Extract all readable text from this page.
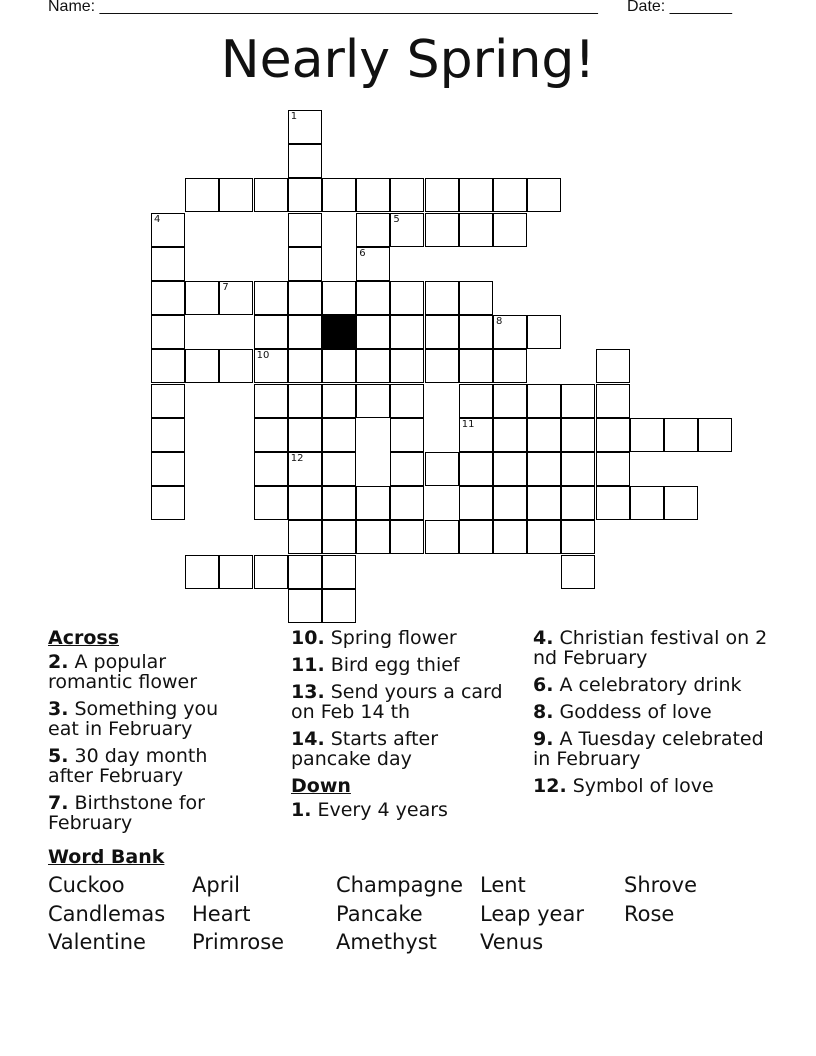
Name: ________________________________________________________ Date: _______
Nearly Spring!
12
6
10
4
8
11
7
1
5
Across
2. A popular romantic flower
3. Something you eat in February
5. 30 day month after February
7. Birthstone for February
10. Spring flower
11. Bird egg thief
13. Send yours a card on Feb 14 th
14. Starts after pancake day
Down
1. Every 4 years
4. Christian festival on 2 nd February
6. A celebratory drink
8. Goddess of love
9. A Tuesday celebrated in February
12. Symbol of love
Word Bank
Cuckoo	April	Champagne Lent	Shrove
Candlemas Heart	Pancake	Leap year Rose
Valentine Primrose Amethyst Venus
